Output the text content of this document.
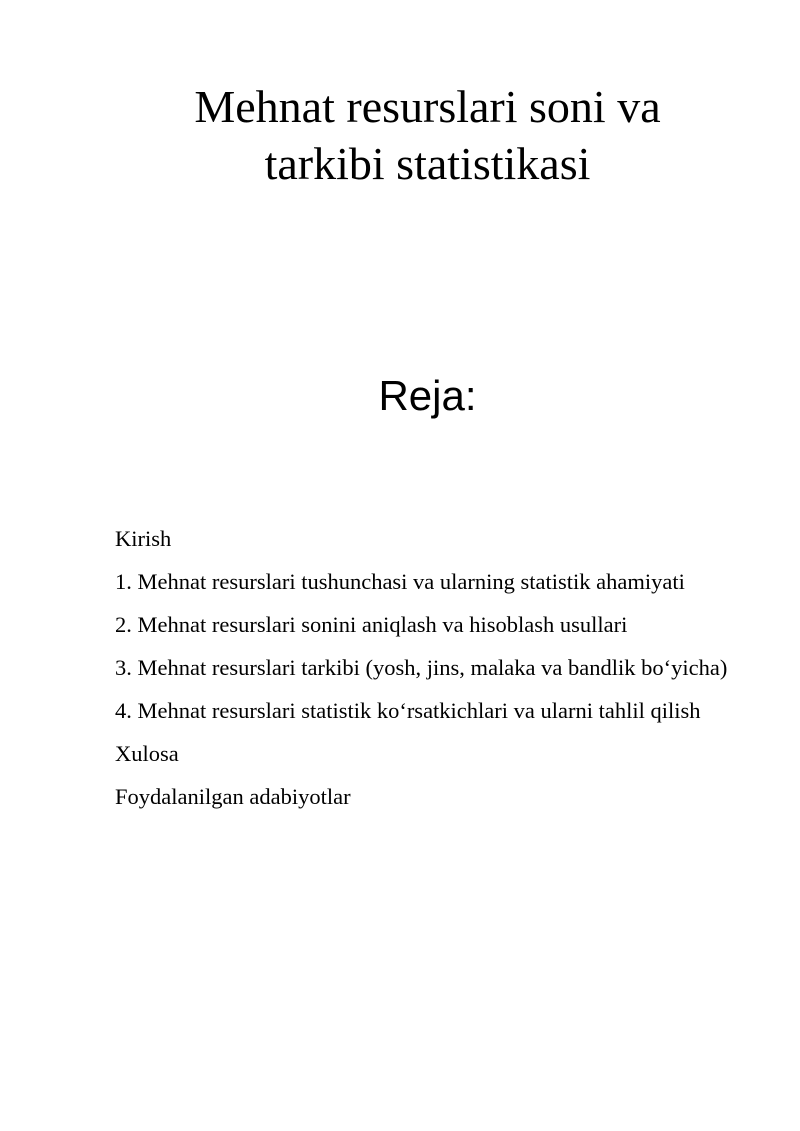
Mehnat resurslari soni va
tarkibi statistikasi
Reja:
Kirish
1. Mehnat resurslari tushunchasi va ularning statistik ahamiyati
2. Mehnat resurslari sonini aniqlash va hisoblash usullari
3. Mehnat resurslari tarkibi (yosh, jins, malaka va bandlik bo‘yicha)
4. Mehnat resurslari statistik ko‘rsatkichlari va ularni tahlil qilish
Xulosa
Foydalanilgan adabiyotlar
